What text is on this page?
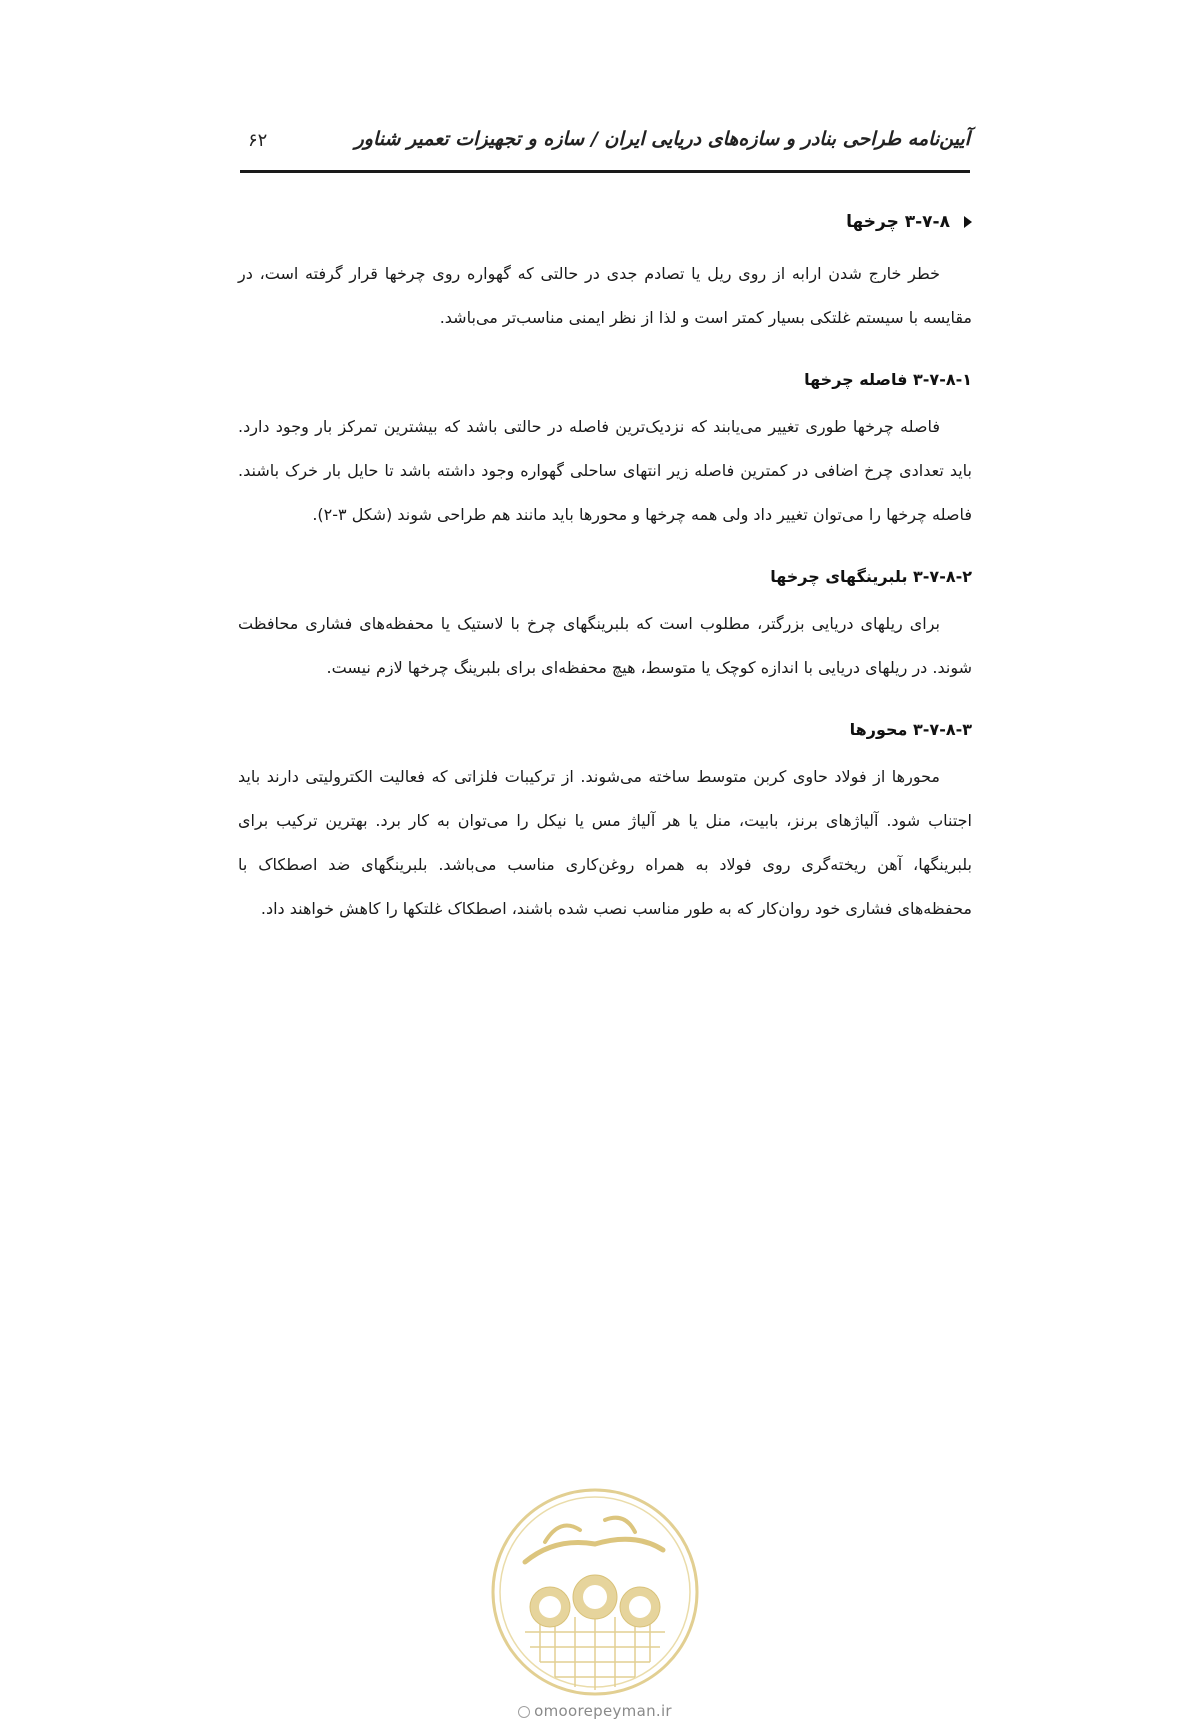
آیین‌نامه طراحی بنادر و سازه‌های دریایی ایران / سازه و تجهیزات تعمیر شناور
۶۲
۳-۷-۸ چرخها

خطر خارج شدن ارابه از روی ریل یا تصادم جدی در حالتی که گهواره روی چرخها قرار گرفته است، در مقایسه با سیستم غلتکی بسیار کمتر است و لذا از نظر ایمنی مناسب‌تر می‌باشد.

۳-۷-۸-۱ فاصله چرخها

فاصله چرخها طوری تغییر می‌یابند که نزدیک‌ترین فاصله در حالتی باشد که بیشترین تمرکز بار وجود دارد. باید تعدادی چرخ اضافی در کمترین فاصله زیر انتهای ساحلی گهواره وجود داشته باشد تا حایل بار خرک باشند. فاصله چرخها را می‌توان تغییر داد ولی همه چرخها و محورها باید مانند هم طراحی شوند (شکل ۳-۲).

۳-۷-۸-۲ بلبرینگهای چرخها

برای ریلهای دریایی بزرگتر، مطلوب است که بلبرینگهای چرخ با لاستیک یا محفظه‌های فشاری محافظت شوند. در ریلهای دریایی با اندازه کوچک یا متوسط، هیچ محفظه‌ای برای بلبرینگ چرخها لازم نیست.

۳-۷-۸-۳ محورها

محورها از فولاد حاوی کربن متوسط ساخته می‌شوند. از ترکیبات فلزاتی که فعالیت الکترولیتی دارند باید اجتناب شود. آلیاژهای برنز، بابیت، منل یا هر آلیاژ مس یا نیکل را می‌توان به کار برد. بهترین ترکیب برای بلبرینگها، آهن ریخته‌گری روی فولاد به همراه روغن‌کاری مناسب می‌باشد. بلبرینگهای ضد اصطکاک با محفظه‌های فشاری خود روان‌کار که به طور مناسب نصب شده باشند، اصطکاک غلتکها را کاهش خواهند داد.

omoorepeyman.ir
